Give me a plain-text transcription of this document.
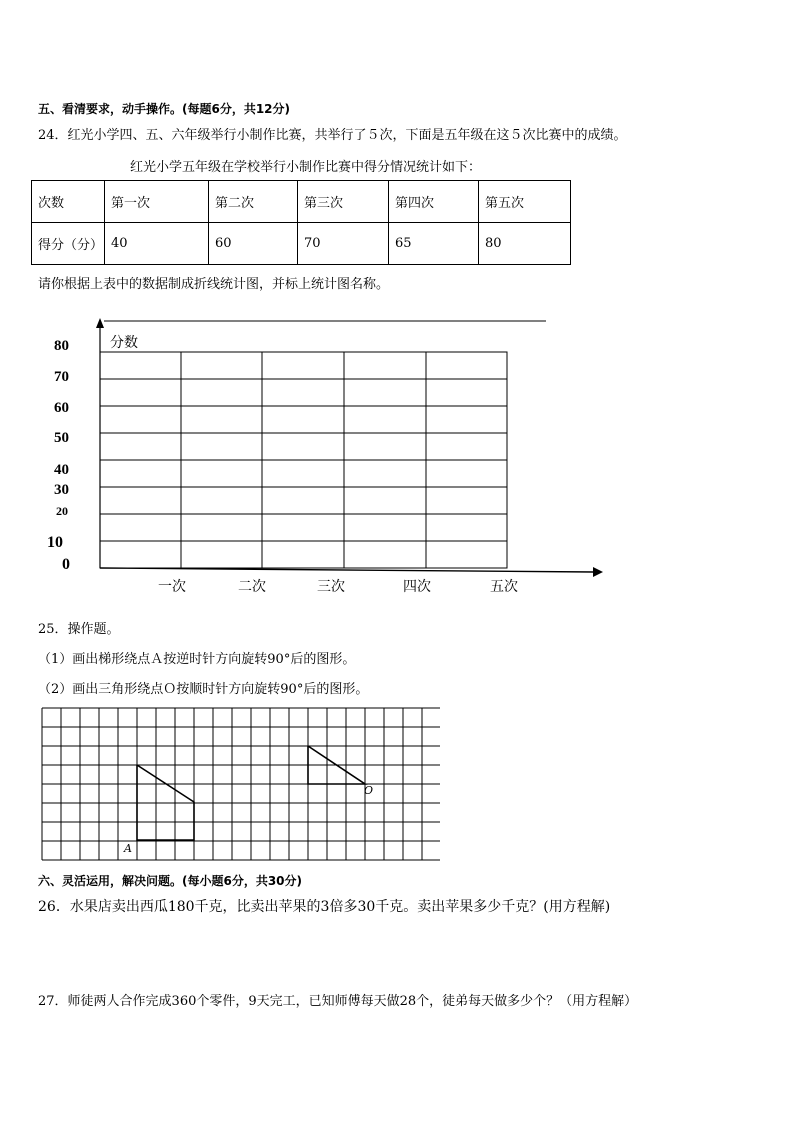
五、看清要求，动手操作。(每题6分，共12分)
24．红光小学四、五、六年级举行小制作比赛，共举行了５次，下面是五年级在这５次比赛中的成绩。
红光小学五年级在学校举行小制作比赛中得分情况统计如下：
次数	第一次	第二次	第三次	第四次	第五次
得分（分）	40	60	70	65	80
请你根据上表中的数据制成折线统计图，并标上统计图名称。
分数
80
70
60
50
40
30
20
10
0
一次	二次	三次	四次	五次
25．操作题。
（1）画出梯形绕点Ａ按逆时针方向旋转90°后的图形。
（2）画出三角形绕点Ｏ按顺时针方向旋转90°后的图形。
A
O
六、灵活运用，解决问题。(每小题6分，共30分)
26．水果店卖出西瓜180千克，比卖出苹果的3倍多30千克。卖出苹果多少千克？(用方程解)
27．师徒两人合作完成360个零件，9天完工，已知师傅每天做28个，徒弟每天做多少个？（用方程解）
